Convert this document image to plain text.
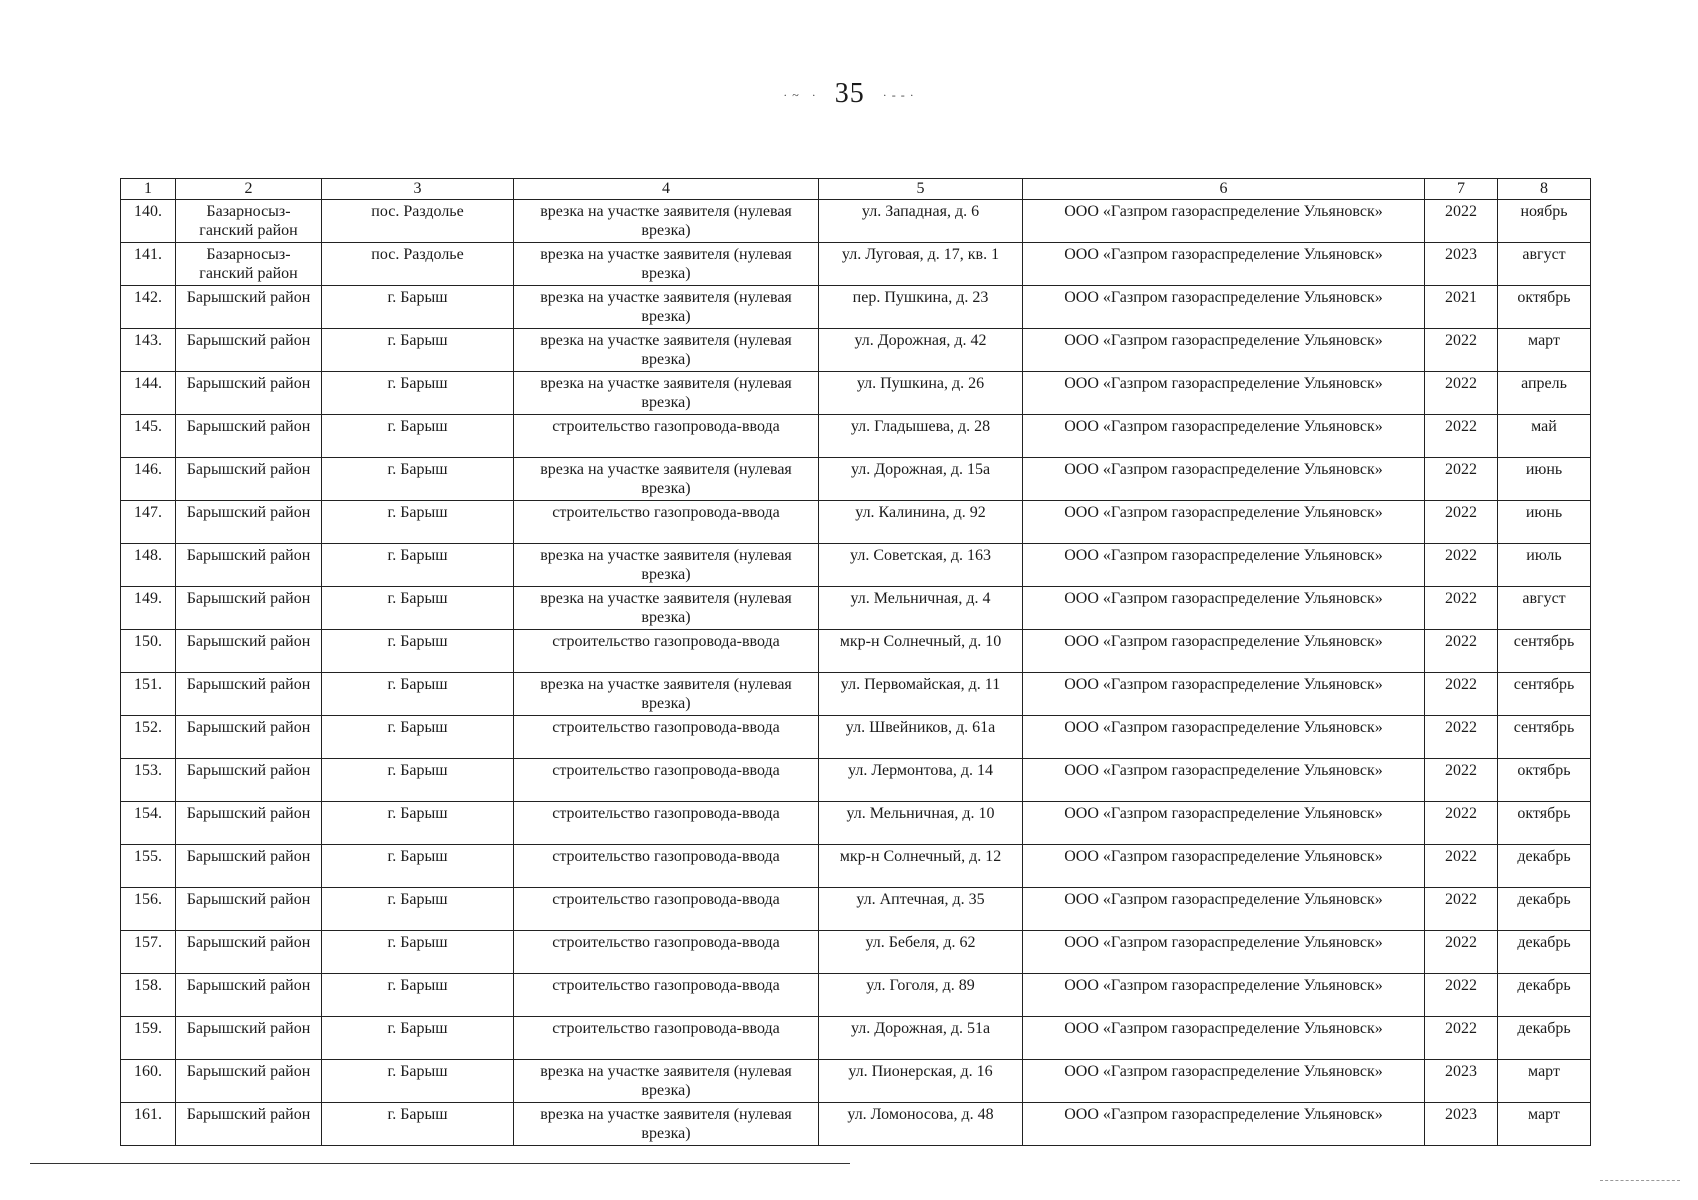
· ~   · 35 · - - ·
1	2	3	4	5	6	7	8
140.	Базарносыз-ганский район	пос. Раздолье	врезка на участке заявителя (нулевая врезка)	ул. Западная, д. 6	ООО «Газпром газораспределение Ульяновск»	2022	ноябрь
141.	Базарносыз-ганский район	пос. Раздолье	врезка на участке заявителя (нулевая врезка)	ул. Луговая, д. 17, кв. 1	ООО «Газпром газораспределение Ульяновск»	2023	август
142.	Барышский район	г. Барыш	врезка на участке заявителя (нулевая врезка)	пер. Пушкина, д. 23	ООО «Газпром газораспределение Ульяновск»	2021	октябрь
143.	Барышский район	г. Барыш	врезка на участке заявителя (нулевая врезка)	ул. Дорожная, д. 42	ООО «Газпром газораспределение Ульяновск»	2022	март
144.	Барышский район	г. Барыш	врезка на участке заявителя (нулевая врезка)	ул. Пушкина, д. 26	ООО «Газпром газораспределение Ульяновск»	2022	апрель
145.	Барышский район	г. Барыш	строительство газопровода-ввода	ул. Гладышева, д. 28	ООО «Газпром газораспределение Ульяновск»	2022	май
146.	Барышский район	г. Барыш	врезка на участке заявителя (нулевая врезка)	ул. Дорожная, д. 15а	ООО «Газпром газораспределение Ульяновск»	2022	июнь
147.	Барышский район	г. Барыш	строительство газопровода-ввода	ул. Калинина, д. 92	ООО «Газпром газораспределение Ульяновск»	2022	июнь
148.	Барышский район	г. Барыш	врезка на участке заявителя (нулевая врезка)	ул. Советская, д. 163	ООО «Газпром газораспределение Ульяновск»	2022	июль
149.	Барышский район	г. Барыш	врезка на участке заявителя (нулевая врезка)	ул. Мельничная, д. 4	ООО «Газпром газораспределение Ульяновск»	2022	август
150.	Барышский район	г. Барыш	строительство газопровода-ввода	мкр-н Солнечный, д. 10	ООО «Газпром газораспределение Ульяновск»	2022	сентябрь
151.	Барышский район	г. Барыш	врезка на участке заявителя (нулевая врезка)	ул. Первомайская, д. 11	ООО «Газпром газораспределение Ульяновск»	2022	сентябрь
152.	Барышский район	г. Барыш	строительство газопровода-ввода	ул. Швейников, д. 61а	ООО «Газпром газораспределение Ульяновск»	2022	сентябрь
153.	Барышский район	г. Барыш	строительство газопровода-ввода	ул. Лермонтова, д. 14	ООО «Газпром газораспределение Ульяновск»	2022	октябрь
154.	Барышский район	г. Барыш	строительство газопровода-ввода	ул. Мельничная, д. 10	ООО «Газпром газораспределение Ульяновск»	2022	октябрь
155.	Барышский район	г. Барыш	строительство газопровода-ввода	мкр-н Солнечный, д. 12	ООО «Газпром газораспределение Ульяновск»	2022	декабрь
156.	Барышский район	г. Барыш	строительство газопровода-ввода	ул. Аптечная, д. 35	ООО «Газпром газораспределение Ульяновск»	2022	декабрь
157.	Барышский район	г. Барыш	строительство газопровода-ввода	ул. Бебеля, д. 62	ООО «Газпром газораспределение Ульяновск»	2022	декабрь
158.	Барышский район	г. Барыш	строительство газопровода-ввода	ул. Гоголя, д. 89	ООО «Газпром газораспределение Ульяновск»	2022	декабрь
159.	Барышский район	г. Барыш	строительство газопровода-ввода	ул. Дорожная, д. 51а	ООО «Газпром газораспределение Ульяновск»	2022	декабрь
160.	Барышский район	г. Барыш	врезка на участке заявителя (нулевая врезка)	ул. Пионерская, д. 16	ООО «Газпром газораспределение Ульяновск»	2023	март
161.	Барышский район	г. Барыш	врезка на участке заявителя (нулевая врезка)	ул. Ломоносова, д. 48	ООО «Газпром газораспределение Ульяновск»	2023	март
